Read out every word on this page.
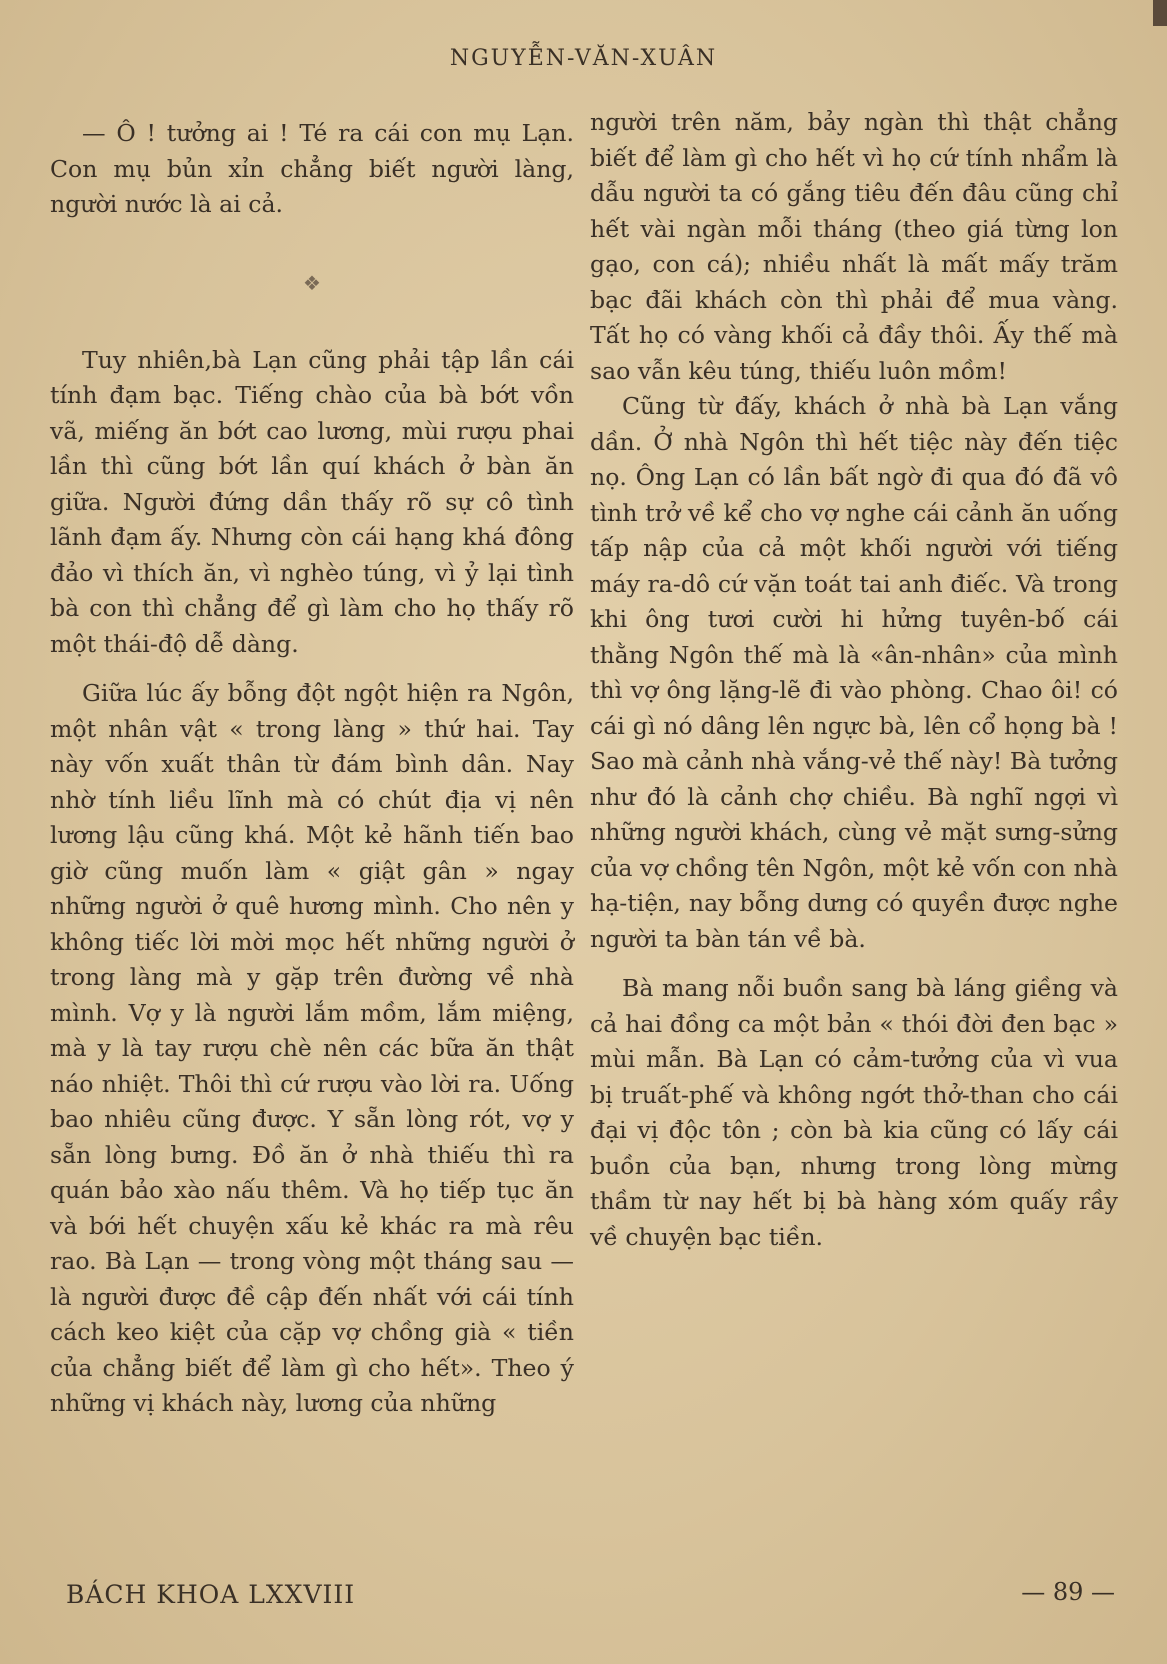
NGUYỄN-VĂN-XUÂN

— Ô ! tưởng ai ! Té ra cái con mụ Lạn. Con mụ bủn xỉn chẳng biết người làng, người nước là ai cả.

❖

Tuy nhiên,bà Lạn cũng phải tập lần cái tính đạm bạc. Tiếng chào của bà bớt vồn vã, miếng ăn bớt cao lương, mùi rượu phai lần thì cũng bớt lần quí khách ở bàn ăn giữa. Người đứng dần thấy rõ sự cô tình lãnh đạm ấy. Nhưng còn cái hạng khá đông đảo vì thích ăn, vì nghèo túng, vì ỷ lại tình bà con thì chẳng để gì làm cho họ thấy rõ một thái-độ dễ dàng.

Giữa lúc ấy bỗng đột ngột hiện ra Ngôn, một nhân vật « trong làng » thứ hai. Tay này vốn xuất thân từ đám bình dân. Nay nhờ tính liều lĩnh mà có chút địa vị nên lương lậu cũng khá. Một kẻ hãnh tiến bao giờ cũng muốn làm « giật gân » ngay những người ở quê hương mình. Cho nên y không tiếc lời mời mọc hết những người ở trong làng mà y gặp trên đường về nhà mình. Vợ y là người lắm mồm, lắm miệng, mà y là tay rượu chè nên các bữa ăn thật náo nhiệt. Thôi thì cứ rượu vào lời ra. Uống bao nhiêu cũng được. Y sẵn lòng rót, vợ y sẵn lòng bưng. Đồ ăn ở nhà thiếu thì ra quán bảo xào nấu thêm. Và họ tiếp tục ăn và bới hết chuyện xấu kẻ khác ra mà rêu rao. Bà Lạn — trong vòng một tháng sau — là người được đề cập đến nhất với cái tính cách keo kiệt của cặp vợ chồng già « tiền của chẳng biết để làm gì cho hết». Theo ý những vị khách này, lương của những

người trên năm, bảy ngàn thì thật chẳng biết để làm gì cho hết vì họ cứ tính nhẩm là dẫu người ta có gắng tiêu đến đâu cũng chỉ hết vài ngàn mỗi tháng (theo giá từng lon gạo, con cá); nhiều nhất là mất mấy trăm bạc đãi khách còn thì phải để mua vàng. Tất họ có vàng khối cả đầy thôi. Ấy thế mà sao vẫn kêu túng, thiếu luôn mồm!

Cũng từ đấy, khách ở nhà bà Lạn vắng dần. Ở nhà Ngôn thì hết tiệc này đến tiệc nọ. Ông Lạn có lần bất ngờ đi qua đó đã vô tình trở về kể cho vợ nghe cái cảnh ăn uống tấp nập của cả một khối người với tiếng máy ra-dô cứ vặn toát tai anh điếc. Và trong khi ông tươi cười hi hửng tuyên-bố cái thằng Ngôn thế mà là «ân-nhân» của mình thì vợ ông lặng-lẽ đi vào phòng. Chao ôi! có cái gì nó dâng lên ngực bà, lên cổ họng bà ! Sao mà cảnh nhà vắng-vẻ thế này! Bà tưởng như đó là cảnh chợ chiều. Bà nghĩ ngợi vì những người khách, cùng vẻ mặt sưng-sửng của vợ chồng tên Ngôn, một kẻ vốn con nhà hạ-tiện, nay bỗng dưng có quyền được nghe người ta bàn tán về bà.

Bà mang nỗi buồn sang bà láng giềng và cả hai đồng ca một bản « thói đời đen bạc » mùi mẫn. Bà Lạn có cảm-tưởng của vì vua bị truất-phế và không ngớt thở-than cho cái đại vị độc tôn ; còn bà kia cũng có lấy cái buồn của bạn, nhưng trong lòng mừng thầm từ nay hết bị bà hàng xóm quấy rầy về chuyện bạc tiền.

BÁCH KHOA LXXVIII	— 89 —
